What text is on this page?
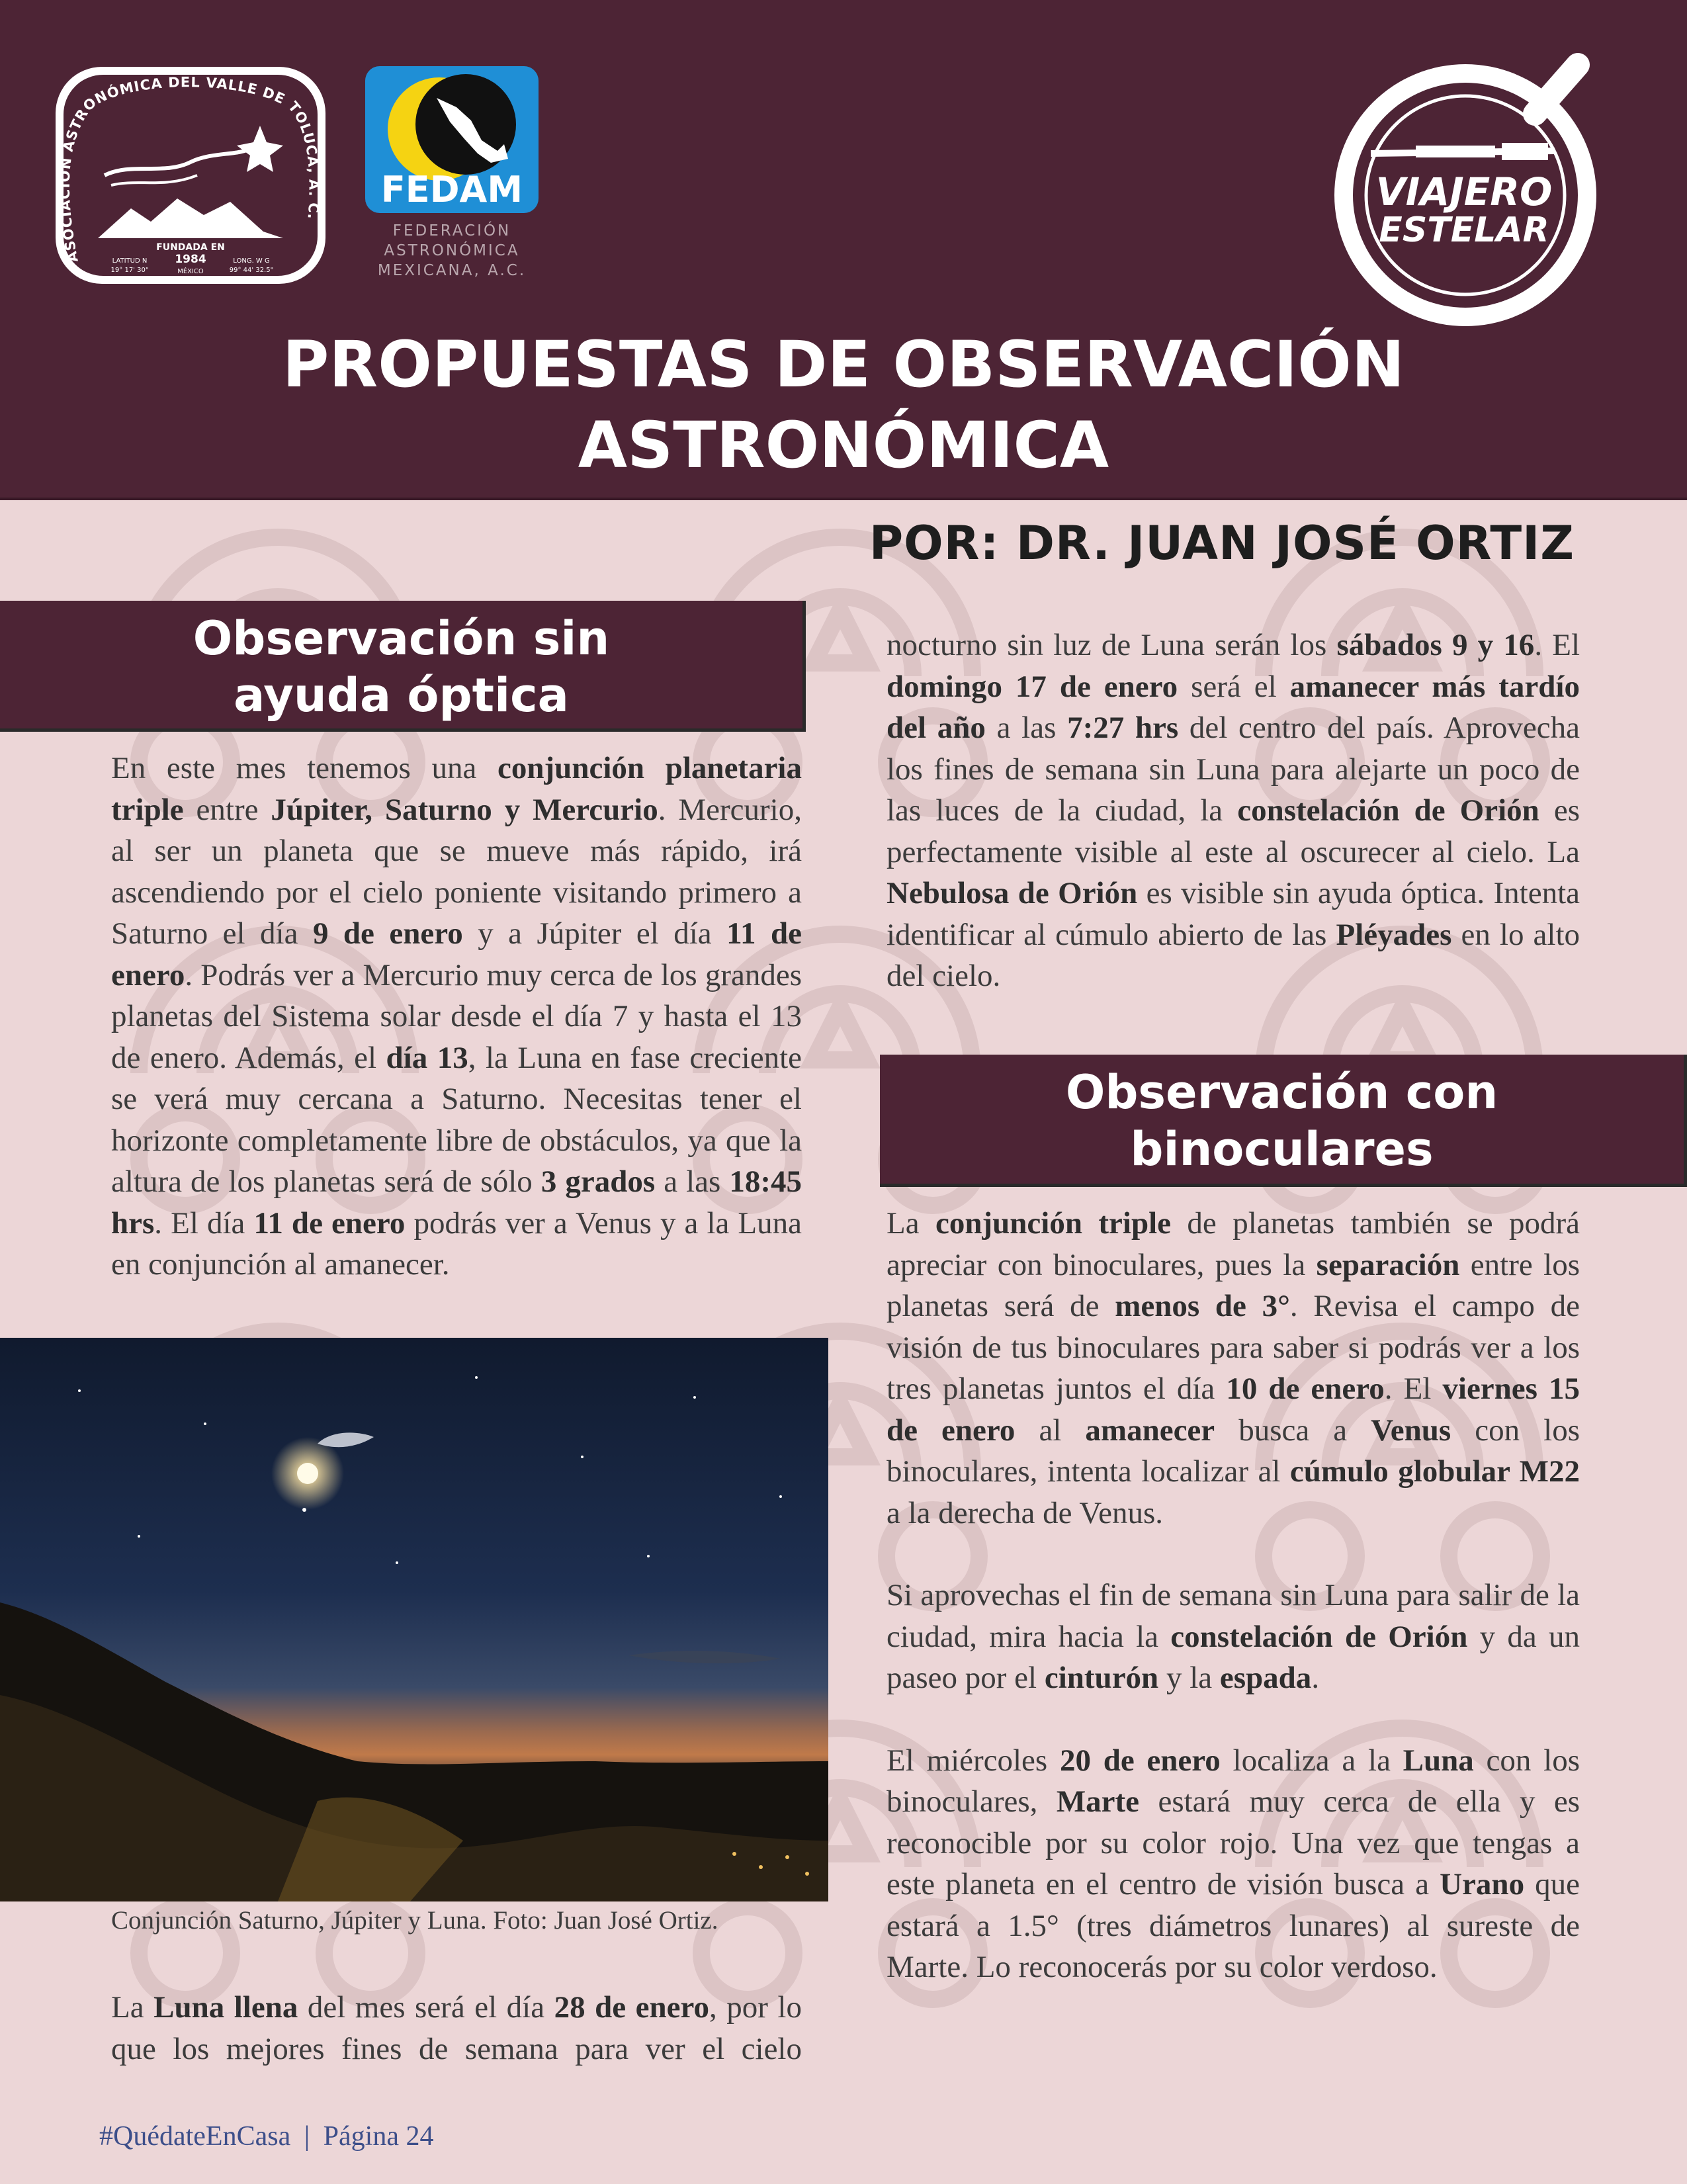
ASOCIACIÓN ASTRONÓMICA DEL VALLE DE TOLUCA, A. C.
FUNDADA EN
1984
MÉXICO
LATITUD N
19° 17' 30"
LONG. W G
99° 44' 32.5"
FEDAM
FEDERACIÓN
ASTRONÓMICA
MEXICANA, A.C.
VIAJERO
ESTELAR
PROPUESTAS DE OBSERVACIÓN
ASTRONÓMICA
POR: DR. JUAN JOSÉ ORTIZ
Observación sin
ayuda óptica

En este mes tenemos una conjunción planetaria triple entre Júpiter, Saturno y Mercurio. Mercurio, al ser un planeta que se mueve más rápido, irá ascendiendo por el cielo poniente visitando primero a Saturno el día 9 de enero y a Júpiter el día 11 de enero. Podrás ver a Mercurio muy cerca de los grandes planetas del Sistema solar desde el día 7 y hasta el 13 de enero. Además, el día 13, la Luna en fase creciente se verá muy cercana a Saturno. Necesitas tener el horizonte completamente libre de obstáculos, ya que la altura de los planetas será de sólo 3 grados a las 18:45 hrs. El día 11 de enero podrás ver a Venus y a la Luna en conjunción al amanecer.

Conjunción Saturno, Júpiter y Luna. Foto: Juan José Ortiz.

La Luna llena del mes será el día 28 de enero, por lo que los mejores fines de semana para ver el cielo

nocturno sin luz de Luna serán los sábados 9 y 16. El domingo 17 de enero será el amanecer más tardío del año a las 7:27 hrs del centro del país. Aprovecha los fines de semana sin Luna para alejarte un poco de las luces de la ciudad, la constelación de Orión es perfectamente visible al este al oscurecer al cielo. La Nebulosa de Orión es visible sin ayuda óptica. Intenta identificar al cúmulo abierto de las Pléyades en lo alto del cielo.

Observación con
binoculares

La conjunción triple de planetas también se podrá apreciar con binoculares, pues la separación entre los planetas será de menos de 3°. Revisa el campo de visión de tus binoculares para saber si podrás ver a los tres planetas juntos el día 10 de enero. El viernes 15 de enero al amanecer busca a Venus con los binoculares, intenta localizar al cúmulo globular M22 a la derecha de Venus.

Si aprovechas el fin de semana sin Luna para salir de la ciudad, mira hacia la constelación de Orión y da un paseo por el cinturón y la espada.

El miércoles 20 de enero localiza a la Luna con los binoculares, Marte estará muy cerca de ella y es reconocible por su color rojo. Una vez que tengas a este planeta en el centro de visión busca a Urano que estará a 1.5° (tres diámetros lunares) al sureste de Marte. Lo reconocerás por su color verdoso.

#QuédateEnCasa | Página 24
